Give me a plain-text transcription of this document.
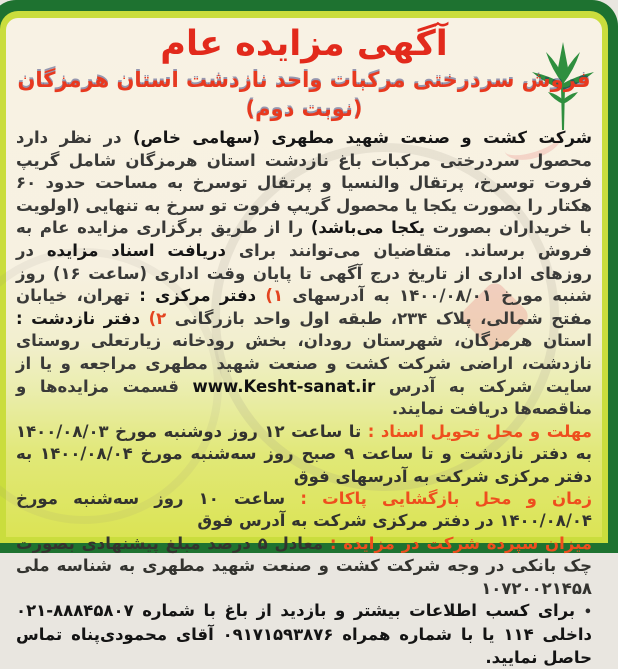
آگهی مزایده عام
فروش سردرختی مرکبات واحد نازدشت استان هرمزگان (نوبت دوم)
شرکت کشت و صنعت شهید مطهری (سهامی خاص) در نظر دارد محصول سردرختی مرکبات باغ نازدشت استان هرمزگان شامل گریپ فروت توسرخ، پرتقال والنسیا و پرتقال توسرخ به مساحت حدود ۶۰ هکتار را بصورت یکجا یا محصول گریپ فروت تو سرخ به تنهایی (اولویت با خریداران بصورت یکجا می‌باشد) را از طریق برگزاری مزایده عام به فروش برساند. متقاضیان می‌توانند برای دریافت اسناد مزایده در روزهای اداری از تاریخ درج آگهی تا پایان وقت اداری (ساعت ۱۶) روز شنبه مورخ ۱۴۰۰/۰۸/۰۱ به آدرسهای ۱) دفتر مرکزی : تهران، خیابان مفتح شمالی، پلاک ۲۳۴، طبقه اول واحد بازرگانی ۲) دفتر نازدشت : استان هرمزگان، شهرستان رودان، بخش رودخانه زیارتعلی روستای نازدشت، اراضی شرکت کشت و صنعت شهید مطهری مراجعه و یا از سایت شرکت به آدرس www.Kesht-sanat.ir قسمت مزایده‌ها و مناقصه‌ها دریافت نمایند.

مهلت و محل تحویل اسناد : تا ساعت ۱۲ روز دوشنبه مورخ ۱۴۰۰/۰۸/۰۳ به دفتر نازدشت و تا ساعت ۹ صبح روز سه‌شنبه مورخ ۱۴۰۰/۰۸/۰۴ به دفتر مرکزی شرکت به آدرسهای فوق

زمان و محل بازگشایی پاکات : ساعت ۱۰ روز سه‌شنبه مورخ ۱۴۰۰/۰۸/۰۴ در دفتر مرکزی شرکت به آدرس فوق

میزان سپرده شرکت در مزایده : معادل ۵ درصد مبلغ پیشنهادی بصورت چک بانکی در وجه شرکت کشت و صنعت شهید مطهری به شناسه ملی ۱۰۷۲۰۰۲۱۴۵۸

• برای کسب اطلاعات بیشتر و بازدید از باغ با شماره ۸۸۸۴۵۸۰۷-۰۲۱ داخلی ۱۱۴ یا با شماره همراه ۰۹۱۷۱۵۹۳۸۷۶ آقای محمودی‌پناه تماس حاصل نمایید.
